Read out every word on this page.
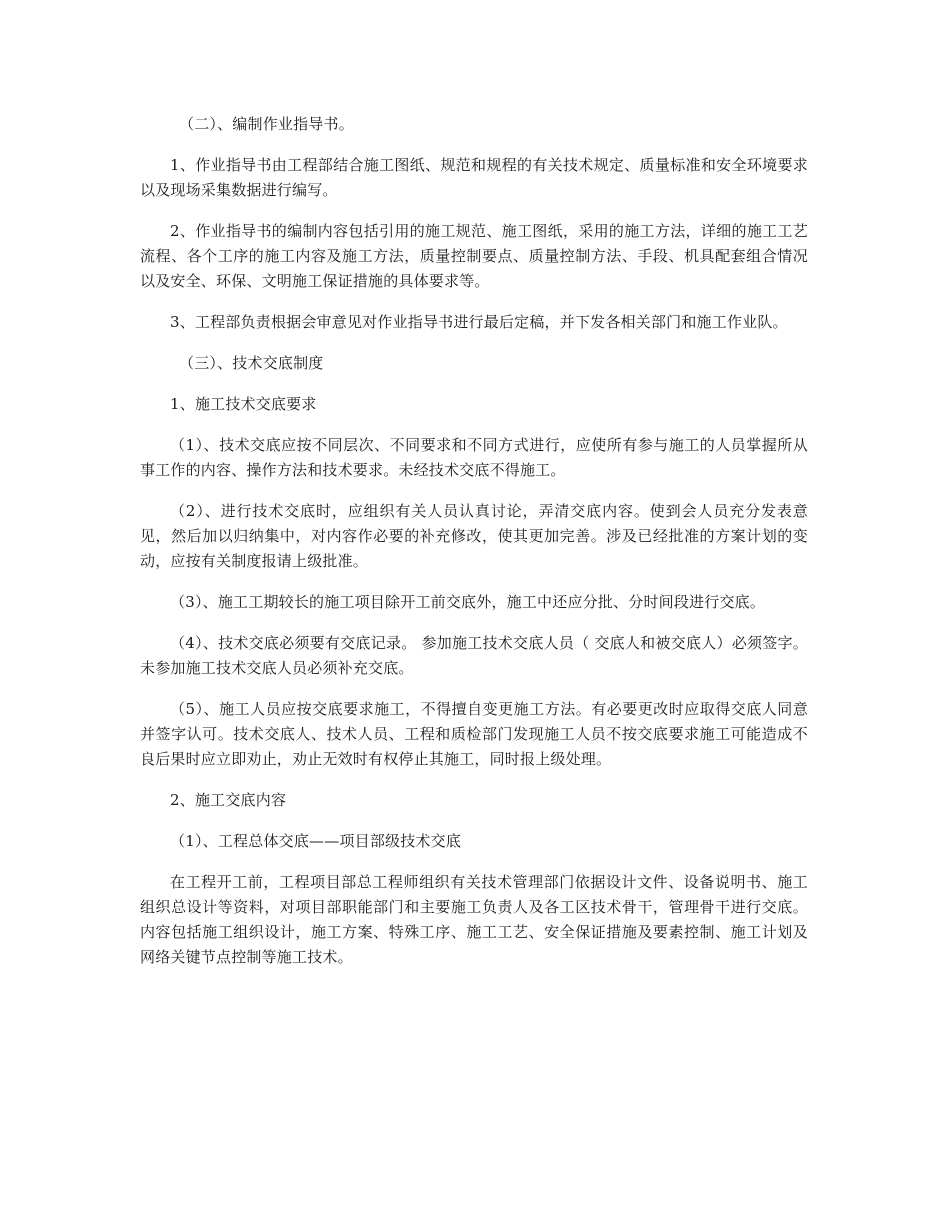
（二）、编制作业指导书。

1、作业指导书由工程部结合施工图纸、规范和规程的有关技术规定、质量标准和安全环境要求以及现场采集数据进行编写。

2、作业指导书的编制内容包括引用的施工规范、施工图纸，采用的施工方法，详细的施工工艺流程、各个工序的施工内容及施工方法，质量控制要点、质量控制方法、手段、机具配套组合情况以及安全、环保、文明施工保证措施的具体要求等。

3、工程部负责根据会审意见对作业指导书进行最后定稿，并下发各相关部门和施工作业队。

（三）、技术交底制度

1、施工技术交底要求

（1）、技术交底应按不同层次、不同要求和不同方式进行，应使所有参与施工的人员掌握所从事工作的内容、操作方法和技术要求。未经技术交底不得施工。

（2）、进行技术交底时，应组织有关人员认真讨论，弄清交底内容。使到会人员充分发表意见，然后加以归纳集中，对内容作必要的补充修改，使其更加完善。涉及已经批准的方案计划的变动，应按有关制度报请上级批准。

（3）、施工工期较长的施工项目除开工前交底外，施工中还应分批、分时间段进行交底。

（4）、技术交底必须要有交底记录。 参加施工技术交底人员（ 交底人和被交底人）必须签字。未参加施工技术交底人员必须补充交底。

（5）、施工人员应按交底要求施工，不得擅自变更施工方法。有必要更改时应取得交底人同意并签字认可。技术交底人、技术人员、工程和质检部门发现施工人员不按交底要求施工可能造成不良后果时应立即劝止，劝止无效时有权停止其施工，同时报上级处理。

2、施工交底内容

（1）、工程总体交底——项目部级技术交底

在工程开工前，工程项目部总工程师组织有关技术管理部门依据设计文件、设备说明书、施工组织总设计等资料，对项目部职能部门和主要施工负责人及各工区技术骨干，管理骨干进行交底。内容包括施工组织设计，施工方案、特殊工序、施工工艺、安全保证措施及要素控制、施工计划及网络关键节点控制等施工技术。
